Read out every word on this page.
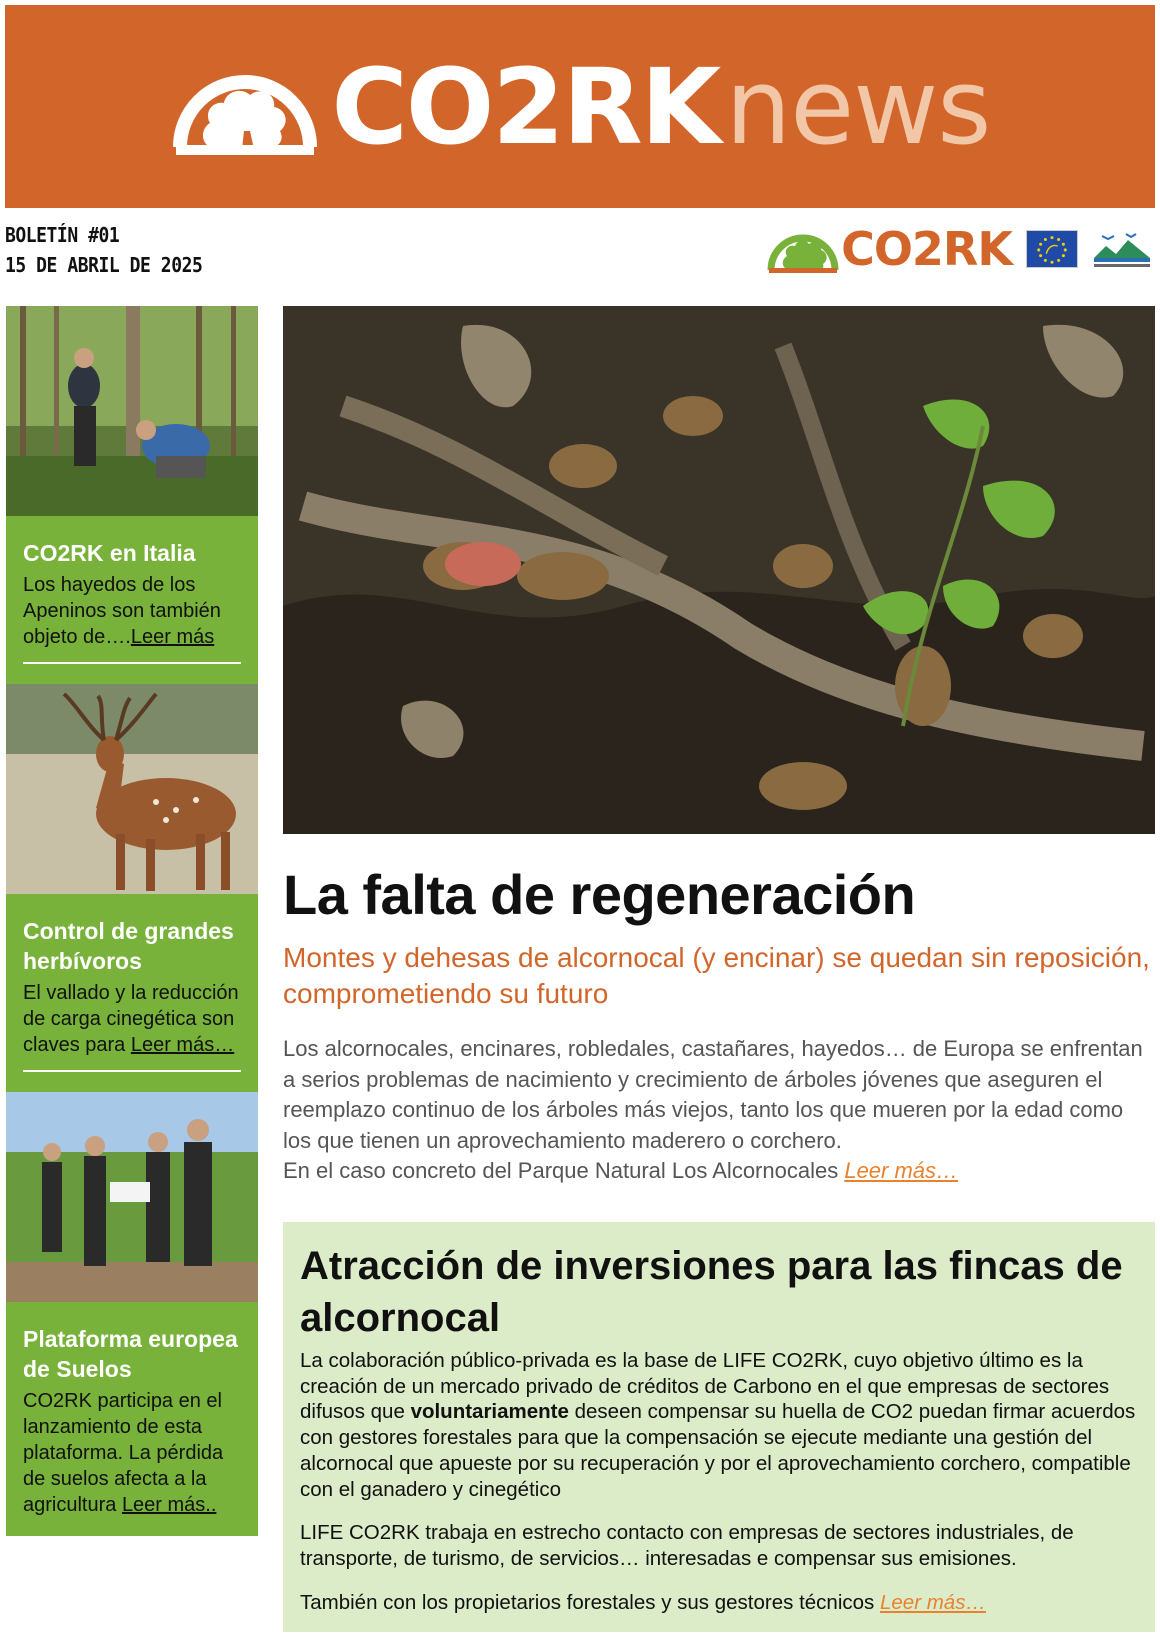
CO2RK news
BOLETÍN #01
15 DE ABRIL DE 2025	CO2RK
CO2RK en Italia
Los hayedos de los Apeninos son también objeto de….Leer más
Control de grandes herbívoros
El vallado y la reducción de carga cinegética son claves para Leer más…
Plataforma europea de Suelos
CO2RK participa en el lanzamiento de esta plataforma. La pérdida de suelos afecta a la agricultura Leer más..
La falta de regeneración
Montes y dehesas de alcornocal (y encinar) se quedan sin reposición, comprometiendo su futuro
Los alcornocales, encinares, robledales, castañares, hayedos… de Europa se enfrentan a serios problemas de nacimiento y crecimiento de árboles jóvenes que aseguren el reemplazo continuo de los árboles más viejos, tanto los que mueren por la edad como los que tienen un aprovechamiento maderero o corchero.
En el caso concreto del Parque Natural Los Alcornocales Leer más…
Atracción de inversiones para las fincas de alcornocal
La colaboración público-privada es la base de LIFE CO2RK, cuyo objetivo último es la creación de un mercado privado de créditos de Carbono en el que empresas de sectores difusos que voluntariamente deseen compensar su huella de CO2 puedan firmar acuerdos con gestores forestales para que la compensación se ejecute mediante una gestión del alcornocal que apueste por su recuperación y por el aprovechamiento corchero, compatible con el ganadero y cinegético
LIFE CO2RK trabaja en estrecho contacto con empresas de sectores industriales, de transporte, de turismo, de servicios… interesadas e compensar sus emisiones.
También con los propietarios forestales y sus gestores técnicos Leer más…
